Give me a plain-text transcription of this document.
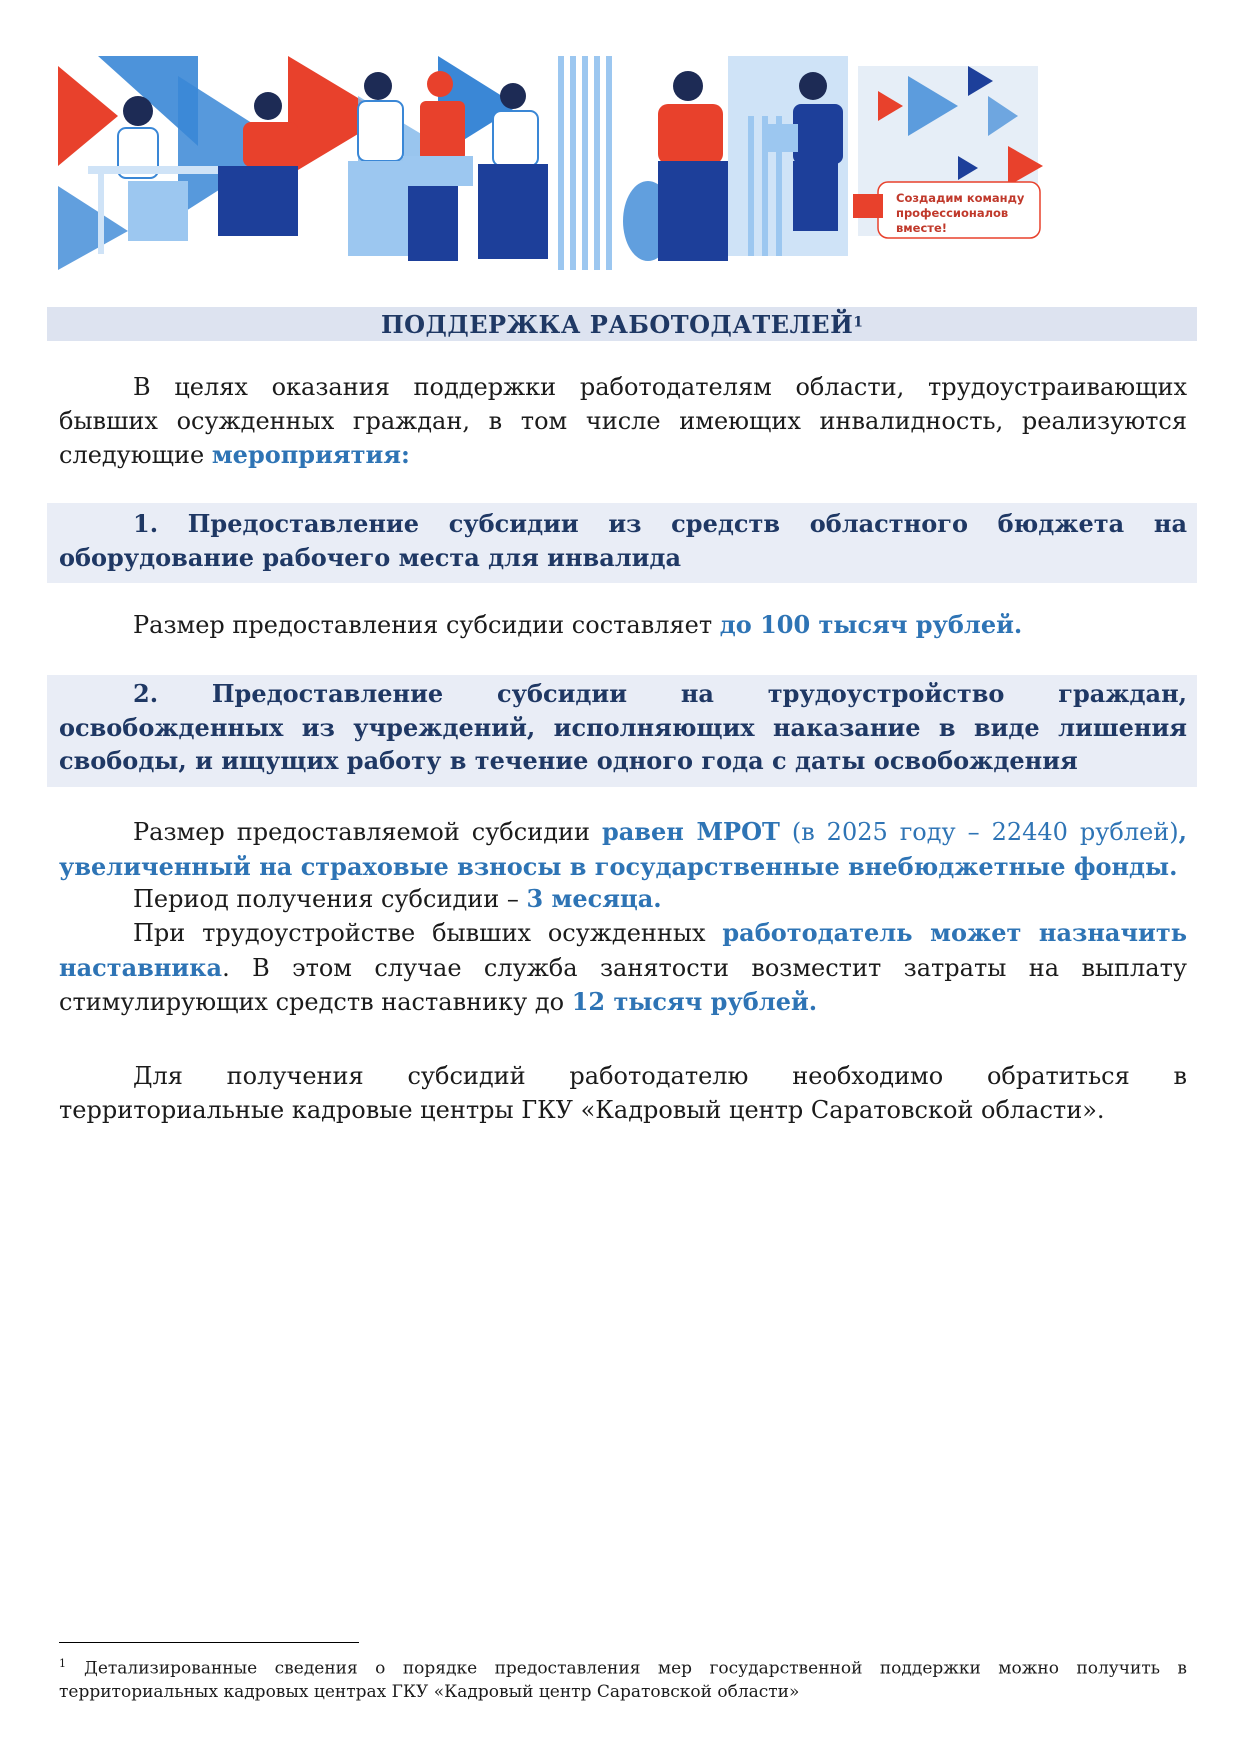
Создадим команду
профессионалов
вместе!
ПОДДЕРЖКА РАБОТОДАТЕЛЕЙ$^1$

В целях оказания поддержки работодателям области, трудоустраивающих бывших осужденных граждан, в том числе имеющих инвалидность, реализуются следующие мероприятия:

1. Предоставление субсидии из средств областного бюджета на оборудование рабочего места для инвалида

Размер предоставления субсидии составляет до 100 тысяч рублей.

2. Предоставление субсидии на трудоустройство граждан, освобожденных из учреждений, исполняющих наказание в виде лишения свободы, и ищущих работу в течение одного года с даты освобождения

Размер предоставляемой субсидии равен МРОТ (в 2025 году – 22440 рублей), увеличенный на страховые взносы в государственные внебюджетные фонды.

Период получения субсидии – 3 месяца.

При трудоустройстве бывших осужденных работодатель может назначить наставника. В этом случае служба занятости возместит затраты на выплату стимулирующих средств наставнику до 12 тысяч рублей.

Для получения субсидий работодателю необходимо обратиться в территориальные кадровые центры ГКУ «Кадровый центр Саратовской области».

$^1$ Детализированные сведения о порядке предоставления мер государственной поддержки можно получить в территориальных кадровых центрах ГКУ «Кадровый центр Саратовской области»
